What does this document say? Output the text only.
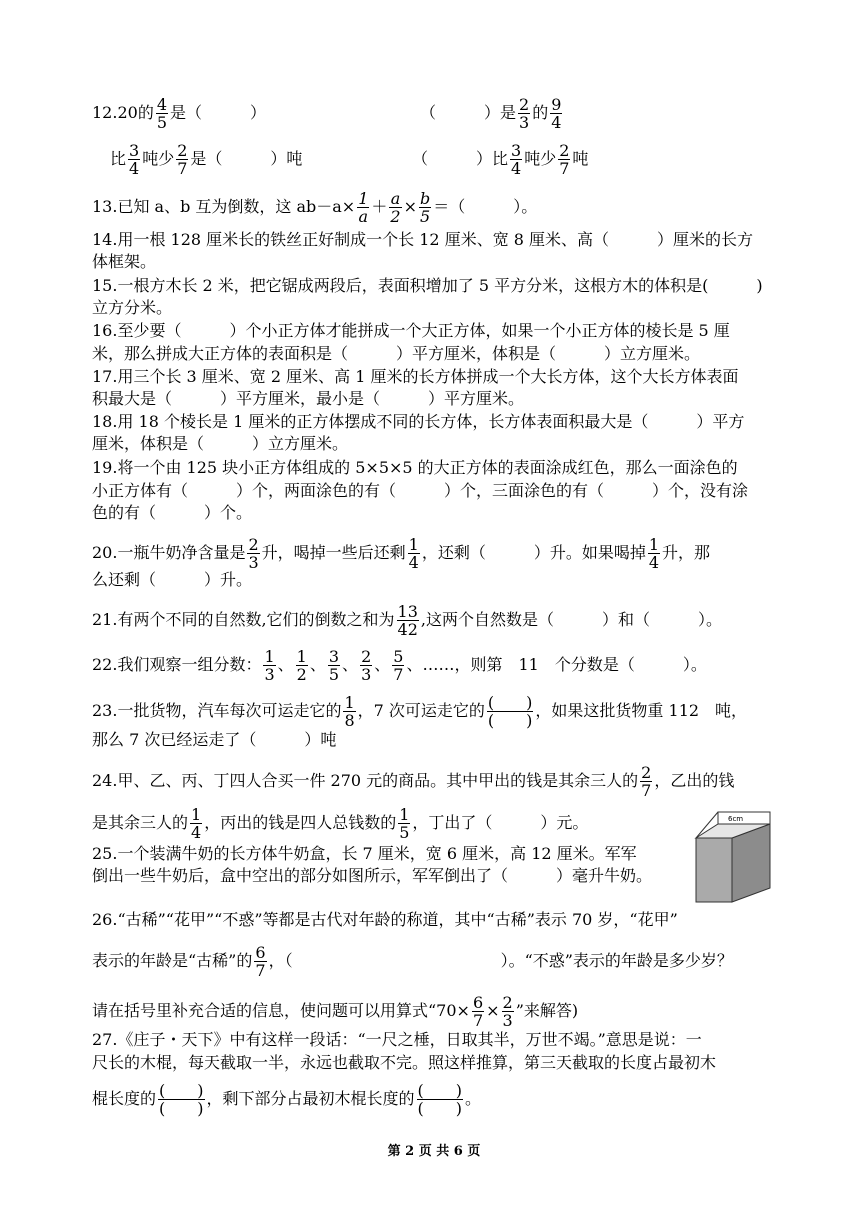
12.20的 $\frac{4}{5}$ 是（　　　）	（　　　）是 $\frac{2}{3}$ 的 $\frac{9}{4}$
比 $\frac{3}{4}$ 吨少 $\frac{2}{7}$ 是（　　　）吨	（　　　）比 $\frac{3}{4}$ 吨少 $\frac{2}{7}$ 吨
13.已知 a、b 互为倒数，这 $ab-a\times \frac{1}{a} + \frac{a}{2} \times \frac{b}{5}$ ＝（　　　）。
14.用一根 128 厘米长的铁丝正好制成一个长 12 厘米、宽 8 厘米、高（　　　）厘米的长方
体框架。
15.一根方木长 2 米，把它锯成两段后，表面积增加了 5 平方分米，这根方木的体积是(　　　)
立方分米。
16.至少要（　　　）个小正方体才能拼成一个大正方体，如果一个小正方体的棱长是 5 厘
米，那么拼成大正方体的表面积是（　　　）平方厘米，体积是（　　　）立方厘米。
17.用三个长 3 厘米、宽 2 厘米、高 1 厘米的长方体拼成一个大长方体，这个大长方体表面
积最大是（　　　）平方厘米，最小是（　　　）平方厘米。
18.用 18 个棱长是 1 厘米的正方体摆成不同的长方体，长方体表面积最大是（　　　）平方
厘米，体积是（　　　）立方厘米。
19.将一个由 125 块小正方体组成的 5×5×5 的大正方体的表面涂成红色，那么一面涂色的
小正方体有（　　　）个，两面涂色的有（　　　）个，三面涂色的有（　　　）个，没有涂
色的有（　　　）个。
20.一瓶牛奶净含量是 $\frac{2}{3}$ 升，喝掉一些后还剩 $\frac{1}{4}$ ，还剩（　　　）升。如果喝掉 $\frac{1}{4}$ 升，那
么还剩（　　　）升。
21.有两个不同的自然数,它们的倒数之和为 $\frac{13}{42}$ ,这两个自然数是（　　　）和（　　　）。
22.我们观察一组分数： $\frac{1}{3}$ 、 $\frac{1}{2}$ 、 $\frac{3}{5}$ 、 $\frac{2}{3}$ 、 $\frac{5}{7}$ 、……，则第　11　个分数是（　　　）。
23.一批货物，汽车每次可运走它的 $\frac{1}{8}$ ，7 次可运走它的 $\frac{( )}{( )}$ ，如果这批货物重 112　吨，
那么 7 次已经运走了（　　　）吨
24.甲、乙、丙、丁四人合买一件 270 元的商品。其中甲出的钱是其余三人的 $\frac{2}{7}$ ，乙出的钱
是其余三人的 $\frac{1}{4}$ ，丙出的钱是四人总钱数的 $\frac{1}{5}$ ，丁出了（　　　）元。
25.一个装满牛奶的长方体牛奶盒，长 7 厘米，宽 6 厘米，高 12 厘米。军军
倒出一些牛奶后，盒中空出的部分如图所示，军军倒出了（　　　）毫升牛奶。
6cm
26.“古稀”“花甲”“不惑”等都是古代对年龄的称道，其中“古稀”表示 70 岁，“花甲”
表示的年龄是“古稀”的 $\frac{6}{7}$ ，（　　　　　　　　　　　　　）。“不惑”表示的年龄是多少岁？
请在括号里补充合适的信息，使问题可以用算式“$70\times \frac{6}{7} \times \frac{2}{3}$ ”来解答)
27.《庄子・天下》中有这样一段话：“一尺之棰，日取其半，万世不竭。”意思是说：一
尺长的木棍，每天截取一半，永远也截取不完。照这样推算，第三天截取的长度占最初木
棍长度的 $\frac{( )}{( )}$ ，剩下部分占最初木棍长度的 $\frac{( )}{( )}$ 。
第 2 页 共 6 页
